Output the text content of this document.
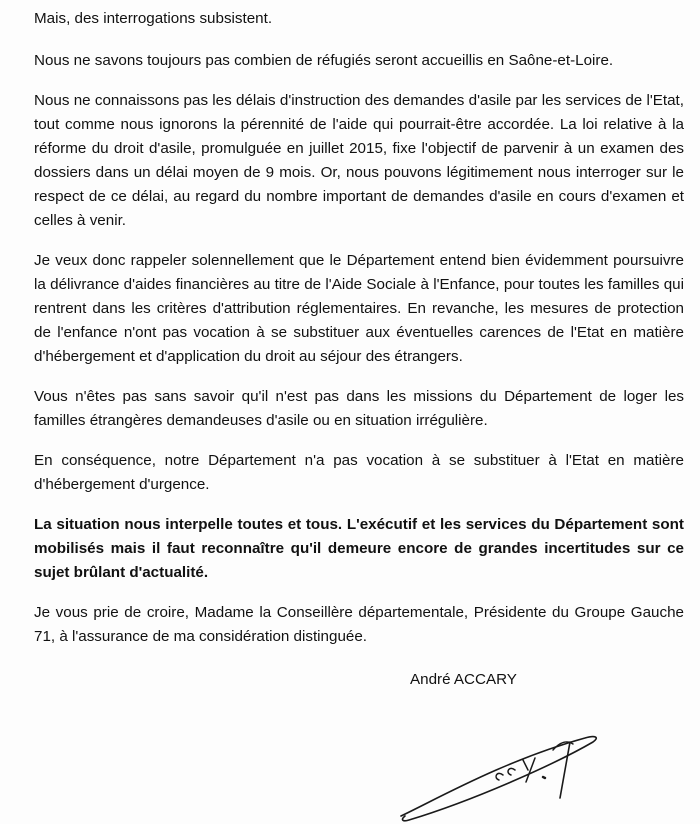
Mais, des interrogations subsistent.

Nous ne savons toujours pas combien de réfugiés seront accueillis en Saône-et-Loire.

Nous ne connaissons pas les délais d'instruction des demandes d'asile par les services de l'Etat, tout comme nous ignorons la pérennité de l'aide qui pourrait-être accordée. La loi relative à la réforme du droit d'asile, promulguée en juillet 2015, fixe l'objectif de parvenir à un examen des dossiers dans un délai moyen de 9 mois. Or, nous pouvons légitimement nous interroger sur le respect de ce délai, au regard du nombre important de demandes d'asile en cours d'examen et celles à venir.

Je veux donc rappeler solennellement que le Département entend bien évidemment poursuivre la délivrance d'aides financières au titre de l'Aide Sociale à l'Enfance, pour toutes les familles qui rentrent dans les critères d'attribution réglementaires. En revanche, les mesures de protection de l'enfance n'ont pas vocation à se substituer aux éventuelles carences de l'Etat en matière d'hébergement et d'application du droit au séjour des étrangers.

Vous n'êtes pas sans savoir qu'il n'est pas dans les missions du Département de loger les familles étrangères demandeuses d'asile ou en situation irrégulière.

En conséquence, notre Département n'a pas vocation à se substituer à l'Etat en matière d'hébergement d'urgence.

La situation nous interpelle toutes et tous. L'exécutif et les services du Département sont mobilisés mais il faut reconnaître qu'il demeure encore de grandes incertitudes sur ce sujet brûlant d'actualité.

Je vous prie de croire, Madame la Conseillère départementale, Présidente du Groupe Gauche 71, à l'assurance de ma considération distinguée.

André ACCARY
